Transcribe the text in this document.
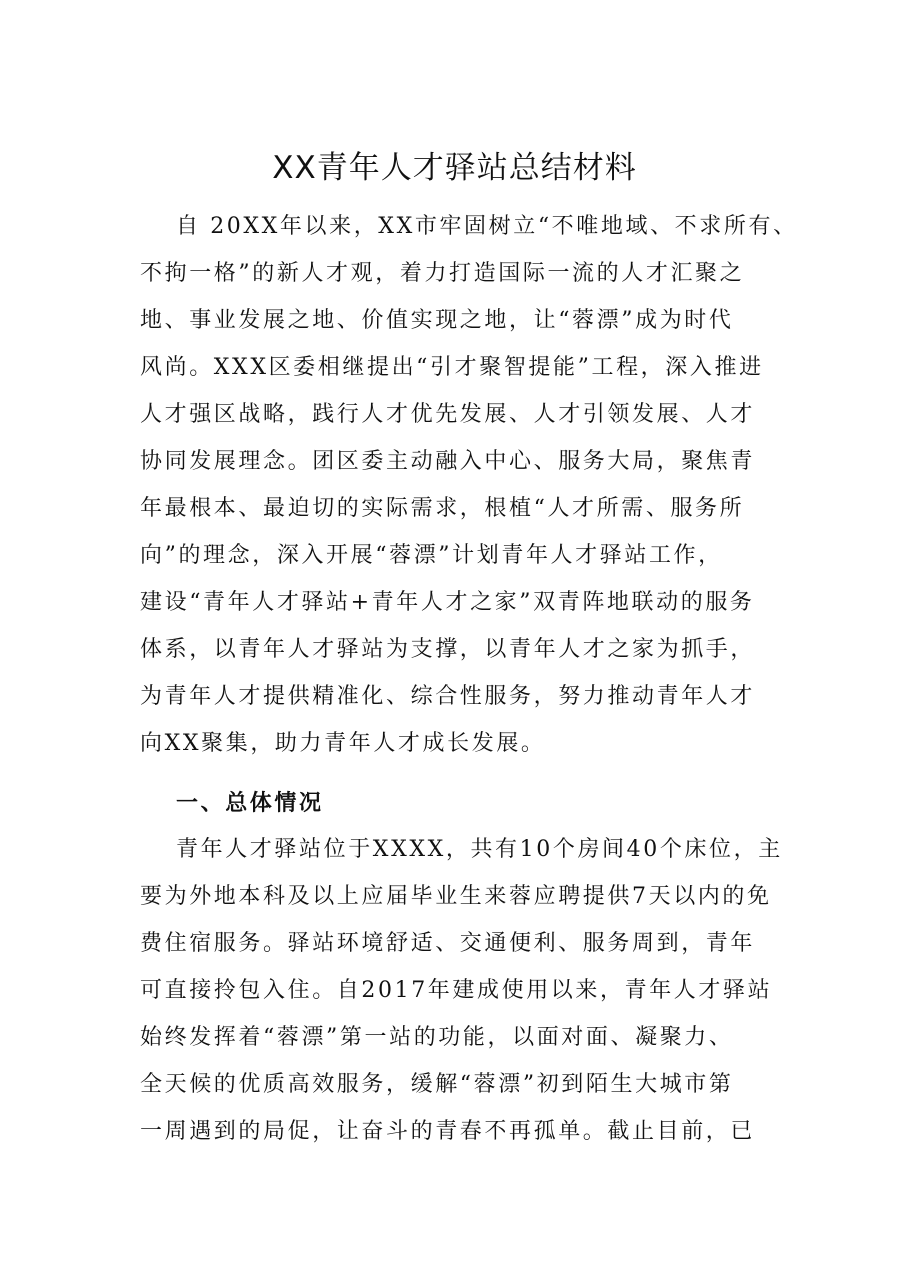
XX青年人才驿站总结材料
自 20XX年以来，XX市牢固树立“不唯地域、不求所有、
不拘一格”的新人才观，着力打造国际一流的人才汇聚之
地、事业发展之地、价值实现之地，让“蓉漂”成为时代
风尚。XXX区委相继提出“引才聚智提能”工程，深入推进
人才强区战略，践行人才优先发展、人才引领发展、人才
协同发展理念。团区委主动融入中心、服务大局，聚焦青
年最根本、最迫切的实际需求，根植“人才所需、服务所
向”的理念，深入开展“蓉漂”计划青年人才驿站工作，
建设“青年人才驿站+青年人才之家”双青阵地联动的服务
体系，以青年人才驿站为支撑，以青年人才之家为抓手，
为青年人才提供精准化、综合性服务，努力推动青年人才
向XX聚集，助力青年人才成长发展。
一、总体情况
青年人才驿站位于XXXX，共有10个房间40个床位，主
要为外地本科及以上应届毕业生来蓉应聘提供7天以内的免
费住宿服务。驿站环境舒适、交通便利、服务周到，青年
可直接拎包入住。自2017年建成使用以来，青年人才驿站
始终发挥着“蓉漂”第一站的功能，以面对面、凝聚力、
全天候的优质高效服务，缓解“蓉漂”初到陌生大城市第
一周遇到的局促，让奋斗的青春不再孤单。截止目前，已
